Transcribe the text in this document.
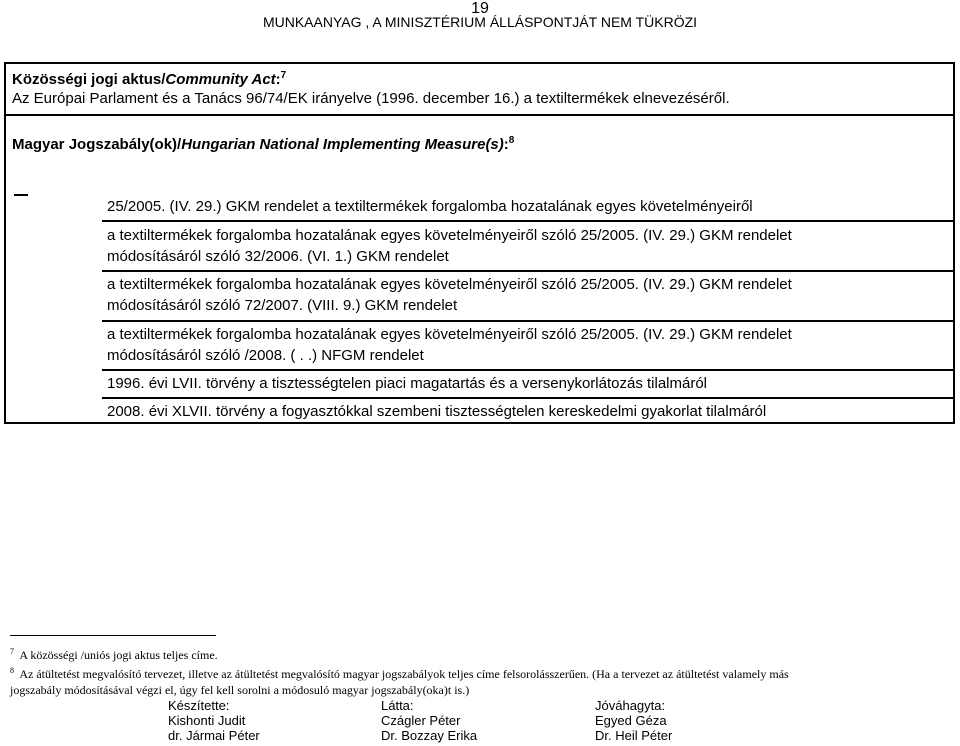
19
MUNKAANYAG , A MINISZTÉRIUM ÁLLÁSPONTJÁT NEM TÜKRÖZI
Közösségi jogi aktus/Community Act:$^7$
Az Európai Parlament és a Tanács 96/74/EK irányelve (1996. december 16.) a textiltermékek elnevezéséről.
Magyar Jogszabály(ok)/Hungarian National Implementing Measure(s):$^8$
25/2005. (IV. 29.) GKM rendelet a textiltermékek forgalomba hozatalának egyes követelményeiről
a textiltermékek forgalomba hozatalának egyes követelményeiről szóló 25/2005. (IV. 29.) GKM rendelet
módosításáról szóló 32/2006. (VI. 1.) GKM rendelet
a textiltermékek forgalomba hozatalának egyes követelményeiről szóló 25/2005. (IV. 29.) GKM rendelet
módosításáról szóló 72/2007. (VIII. 9.) GKM rendelet
a textiltermékek forgalomba hozatalának egyes követelményeiről szóló 25/2005. (IV. 29.) GKM rendelet
módosításáról szóló /2008. ( . .) NFGM rendelet
1996. évi LVII. törvény a tisztességtelen piaci magatartás és a versenykorlátozás tilalmáról
2008. évi XLVII. törvény a fogyasztókkal szembeni tisztességtelen kereskedelmi gyakorlat tilalmáról
$^7$ A közösségi /uniós jogi aktus teljes címe.
$^8$ Az átültetést megvalósító tervezet, illetve az átültetést megvalósító magyar jogszabályok teljes címe felsorolásszerűen. (Ha a tervezet az átültetést valamely más
jogszabály módosításával végzi el, úgy fel kell sorolni a módosuló magyar jogszabály(oka)t is.)
Készítette:
Kishonti Judit
dr. Jármai Péter
Látta:
Czágler Péter
Dr. Bozzay Erika
Jóváhagyta:
Egyed Géza
Dr. Heil Péter
